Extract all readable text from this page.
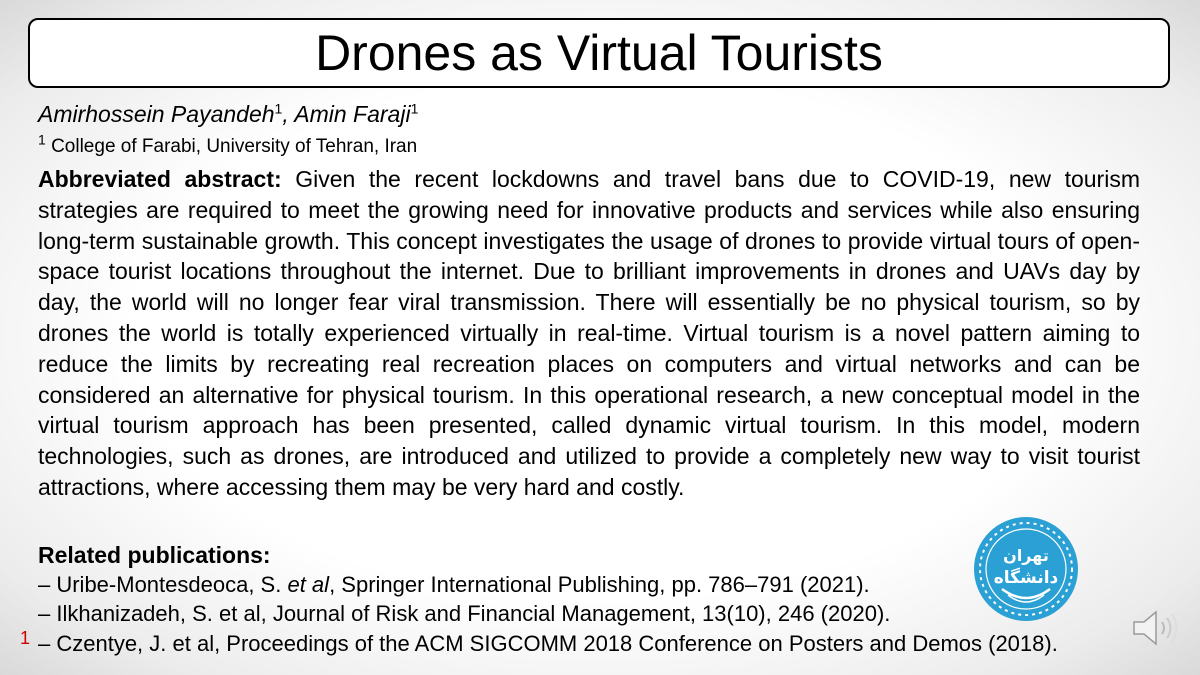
Drones as Virtual Tourists
Amirhossein Payandeh$^1$, Amin Faraji$^1$
$^1$ College of Farabi, University of Tehran, Iran

Abbreviated abstract: Given the recent lockdowns and travel bans due to COVID-19, new tourism strategies are required to meet the growing need for innovative products and services while also ensuring long-term sustainable growth. This concept investigates the usage of drones to provide virtual tours of open-space tourist locations throughout the internet. Due to brilliant improvements in drones and UAVs day by day, the world will no longer fear viral transmission. There will essentially be no physical tourism, so by drones the world is totally experienced virtually in real-time. Virtual tourism is a novel pattern aiming to reduce the limits by recreating real recreation places on computers and virtual networks and can be considered an alternative for physical tourism. In this operational research, a new conceptual model in the virtual tourism approach has been presented, called dynamic virtual tourism. In this model, modern technologies, such as drones, are introduced and utilized to provide a completely new way to visit tourist attractions, where accessing them may be very hard and costly.

Related publications:
– Uribe-Montesdeoca, S. et al, Springer International Publishing, pp. 786–791 (2021).
– Ilkhanizadeh, S. et al, Journal of Risk and Financial Management, 13(10), 246 (2020).
– Czentye, J. et al, Proceedings of the ACM SIGCOMM 2018 Conference on Posters and Demos (2018).
1
تهران
دانشگاه
